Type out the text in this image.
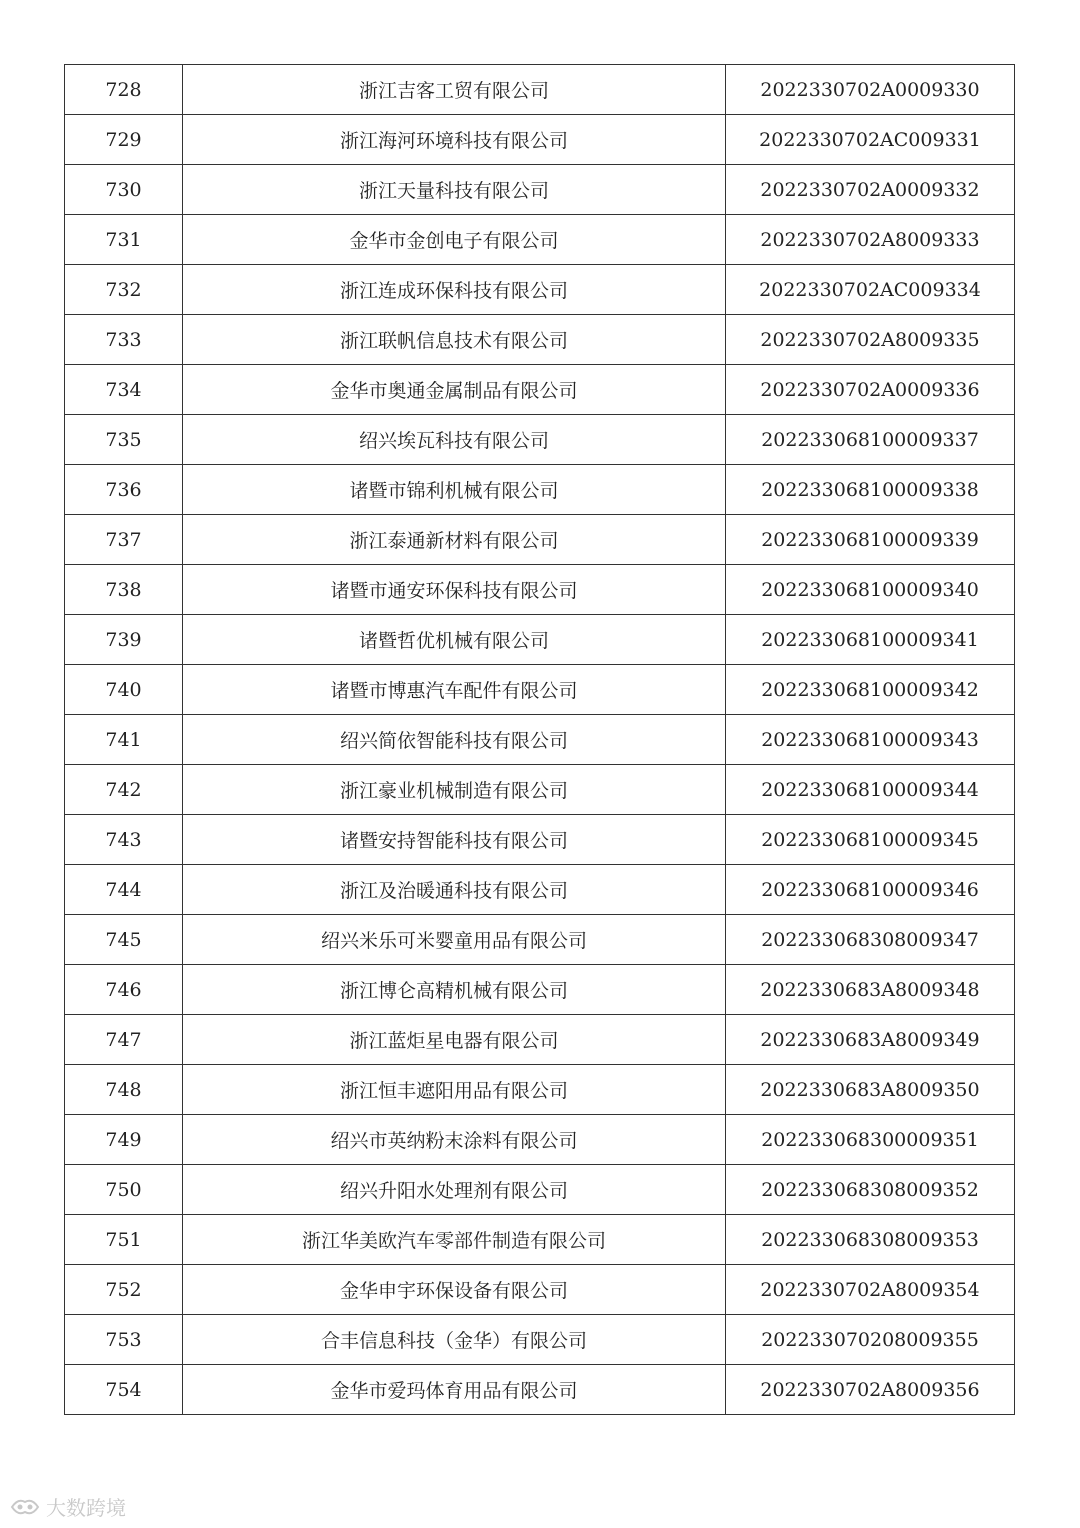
728	浙江吉客工贸有限公司	2022330702A0009330
729	浙江海河环境科技有限公司	2022330702AC009331
730	浙江天量科技有限公司	2022330702A0009332
731	金华市金创电子有限公司	2022330702A8009333
732	浙江连成环保科技有限公司	2022330702AC009334
733	浙江联帆信息技术有限公司	2022330702A8009335
734	金华市奥通金属制品有限公司	2022330702A0009336
735	绍兴埃瓦科技有限公司	20223306810000​9337
736	诸暨市锦利机械有限公司	202233068100009338
737	浙江泰通新材料有限公司	202233068100009339
738	诸暨市通安环保科技有限公司	202233068100009340
739	诸暨哲优机械有限公司	202233068100009341
740	诸暨市博惠汽车配件有限公司	202233068100009342
741	绍兴简依智能科技有限公司	202233068100009343
742	浙江豪业机械制造有限公司	202233068100009344
743	诸暨安持智能科技有限公司	202233068100009345
744	浙江及治暖通科技有限公司	202233068100009346
745	绍兴米乐可米婴童用品有限公司	202233068308009347
746	浙江博仑高精机械有限公司	2022330683A8009348
747	浙江蓝炬星电器有限公司	2022330683A8009349
748	浙江恒丰遮阳用品有限公司	2022330683A8009350
749	绍兴市英纳粉末涂料有限公司	202233068300009351
750	绍兴升阳水处理剂有限公司	202233068308009352
751	浙江华美欧汽车零部件制造有限公司	202233068308009353
752	金华申宇环保设备有限公司	2022330702A8009354
753	合丰信息科技（金华）有限公司	202233070208009355
754	金华市爱玛体育用品有限公司	2022330702A8009356
大数跨境
